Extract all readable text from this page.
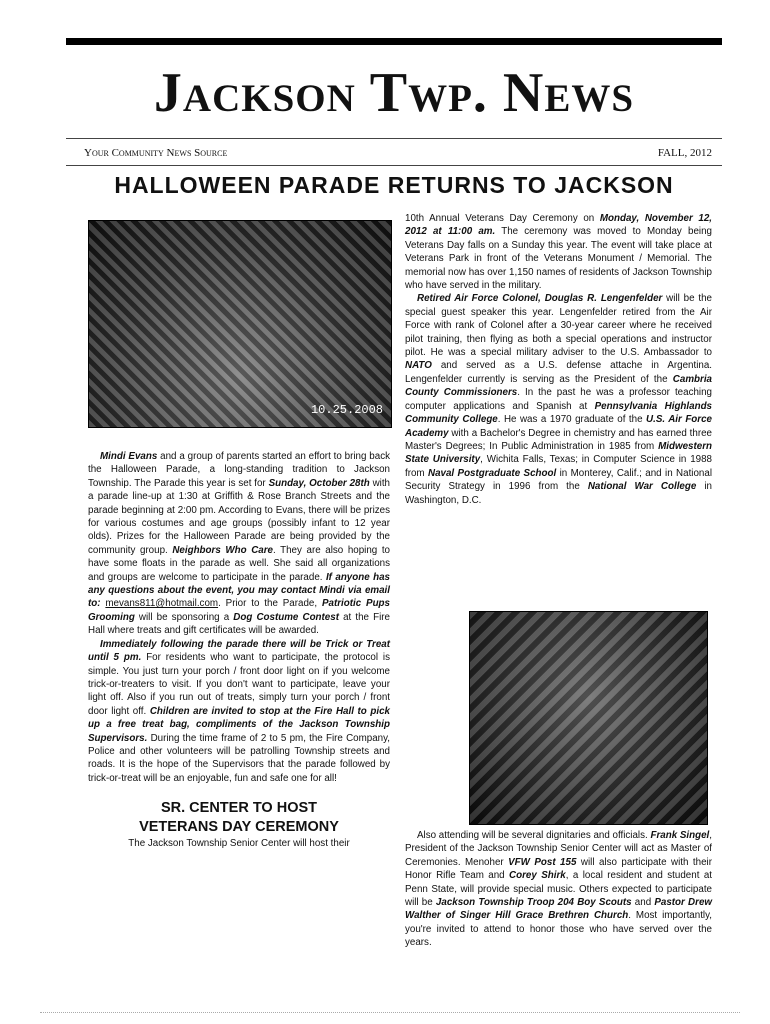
Jackson Twp. News
Your Community News Source	FALL, 2012
HALLOWEEN PARADE RETURNS TO JACKSON
10.25.2008

Mindi Evans and a group of parents started an effort to bring back the Halloween Parade, a long-standing tradition to Jackson Township. The Parade this year is set for Sunday, October 28th with a parade line-up at 1:30 at Griffith & Rose Branch Streets and the parade beginning at 2:00 pm. According to Evans, there will be prizes for various costumes and age groups (possibly infant to 12 year olds). Prizes for the Halloween Parade are being provided by the community group. Neighbors Who Care. They are also hoping to have some floats in the parade as well. She said all organizations and groups are welcome to participate in the parade. If anyone has any questions about the event, you may contact Mindi via email to: mevans811@hotmail.com. Prior to the Parade, Patriotic Pups Grooming will be sponsoring a Dog Costume Contest at the Fire Hall where treats and gift certificates will be awarded.

Immediately following the parade there will be Trick or Treat until 5 pm. For residents who want to participate, the protocol is simple. You just turn your porch / front door light on if you welcome trick-or-treaters to visit. If you don't want to participate, leave your light off. Also if you run out of treats, simply turn your porch / front door light off. Children are invited to stop at the Fire Hall to pick up a free treat bag, compliments of the Jackson Township Supervisors. During the time frame of 2 to 5 pm, the Fire Company, Police and other volunteers will be patrolling Township streets and roads. It is the hope of the Supervisors that the parade followed by trick-or-treat will be an enjoyable, fun and safe one for all!

SR. CENTER TO HOST
VETERANS DAY CEREMONY
The Jackson Township Senior Center will host their

10th Annual Veterans Day Ceremony on Monday, November 12, 2012 at 11:00 am. The ceremony was moved to Monday being Veterans Day falls on a Sunday this year. The event will take place at Veterans Park in front of the Veterans Monument / Memorial. The memorial now has over 1,150 names of residents of Jackson Township who have served in the military.

Retired Air Force Colonel, Douglas R. Lengenfelder will be the special guest speaker this year. Lengenfelder retired from the Air Force with rank of Colonel after a 30-year career where he received pilot training, then flying as both a special operations and instructor pilot. He was a special military adviser to the U.S. Ambassador to NATO and served as a U.S. defense attache in Argentina. Lengenfelder currently is serving as the President of the Cambria County Commissioners. In the past he was a professor teaching computer applications and Spanish at Pennsylvania Highlands Community College. He was a 1970 graduate of the U.S. Air Force Academy with a Bachelor's Degree in chemistry and has earned three Master's Degrees; In Public Administration in 1985 from Midwestern State University, Wichita Falls, Texas; in Computer Science in 1988 from Naval Postgraduate School in Monterey, Calif.; and in National Security Strategy in 1996 from the National War College in Washington, D.C.

Also attending will be several dignitaries and officials. Frank Singel, President of the Jackson Township Senior Center will act as Master of Ceremonies. Menoher VFW Post 155 will also participate with their Honor Rifle Team and Corey Shirk, a local resident and student at Penn State, will provide special music. Others expected to participate will be Jackson Township Troop 204 Boy Scouts and Pastor Drew Walther of Singer Hill Grace Brethren Church. Most importantly, you're invited to attend to honor those who have served over the years.
